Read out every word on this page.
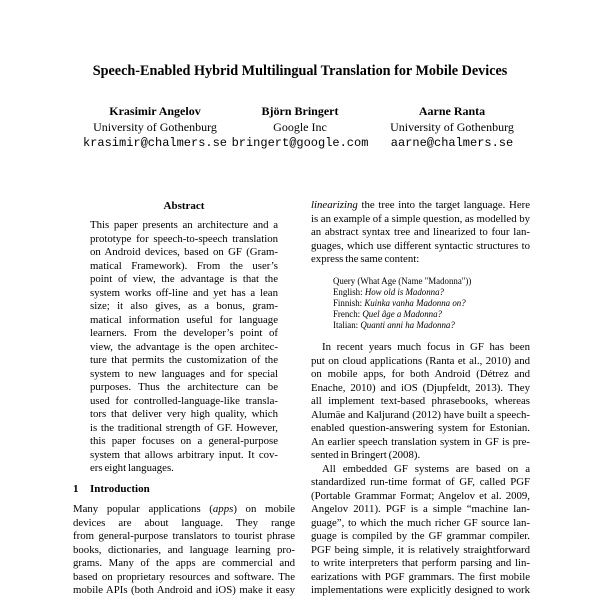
Speech-Enabled Hybrid Multilingual Translation for Mobile Devices
Krasimir Angelov
University of Gothenburg
krasimir@chalmers.se
Björn Bringert
Google Inc
bringert@google.com
Aarne Ranta
University of Gothenburg
aarne@chalmers.se
Abstract
This paper presents an architecture and a
prototype for speech-to-speech translation
on Android devices, based on GF (Gram-
matical Framework). From the user’s
point of view, the advantage is that the
system works off-line and yet has a lean
size; it also gives, as a bonus, gram-
matical information useful for language
learners. From the developer’s point of
view, the advantage is the open architec-
ture that permits the customization of the
system to new languages and for special
purposes. Thus the architecture can be
used for controlled-language-like transla-
tors that deliver very high quality, which
is the traditional strength of GF. However,
this paper focuses on a general-purpose
system that allows arbitrary input. It cov-
ers eight languages.
1 Introduction
Many popular applications (apps) on mobile
devices are about language. They range
from general-purpose translators to tourist phrase
books, dictionaries, and language learning pro-
grams. Many of the apps are commercial and
based on proprietary resources and software. The
mobile APIs (both Android and iOS) make it easy
linearizing the tree into the target language. Here
is an example of a simple question, as modelled by
an abstract syntax tree and linearized to four lan-
guages, which use different syntactic structures to
express the same content:
Query (What Age (Name "Madonna"))
English: How old is Madonna?
Finnish: Kuinka vanha Madonna on?
French: Quel âge a Madonna?
Italian: Quanti anni ha Madonna?
In recent years much focus in GF has been
put on cloud applications (Ranta et al., 2010) and
on mobile apps, for both Android (Détrez and
Enache, 2010) and iOS (Djupfeldt, 2013). They
all implement text-based phrasebooks, whereas
Alumäe and Kaljurand (2012) have built a speech-
enabled question-answering system for Estonian.
An earlier speech translation system in GF is pre-
sented in Bringert (2008).
All embedded GF systems are based on a
standardized run-time format of GF, called PGF
(Portable Grammar Format; Angelov et al. 2009,
Angelov 2011). PGF is a simple “machine lan-
guage”, to which the much richer GF source lan-
guage is compiled by the GF grammar compiler.
PGF being simple, it is relatively straightforward
to write interpreters that perform parsing and lin-
earizations with PGF grammars. The first mobile
implementations were explicitly designed to work
